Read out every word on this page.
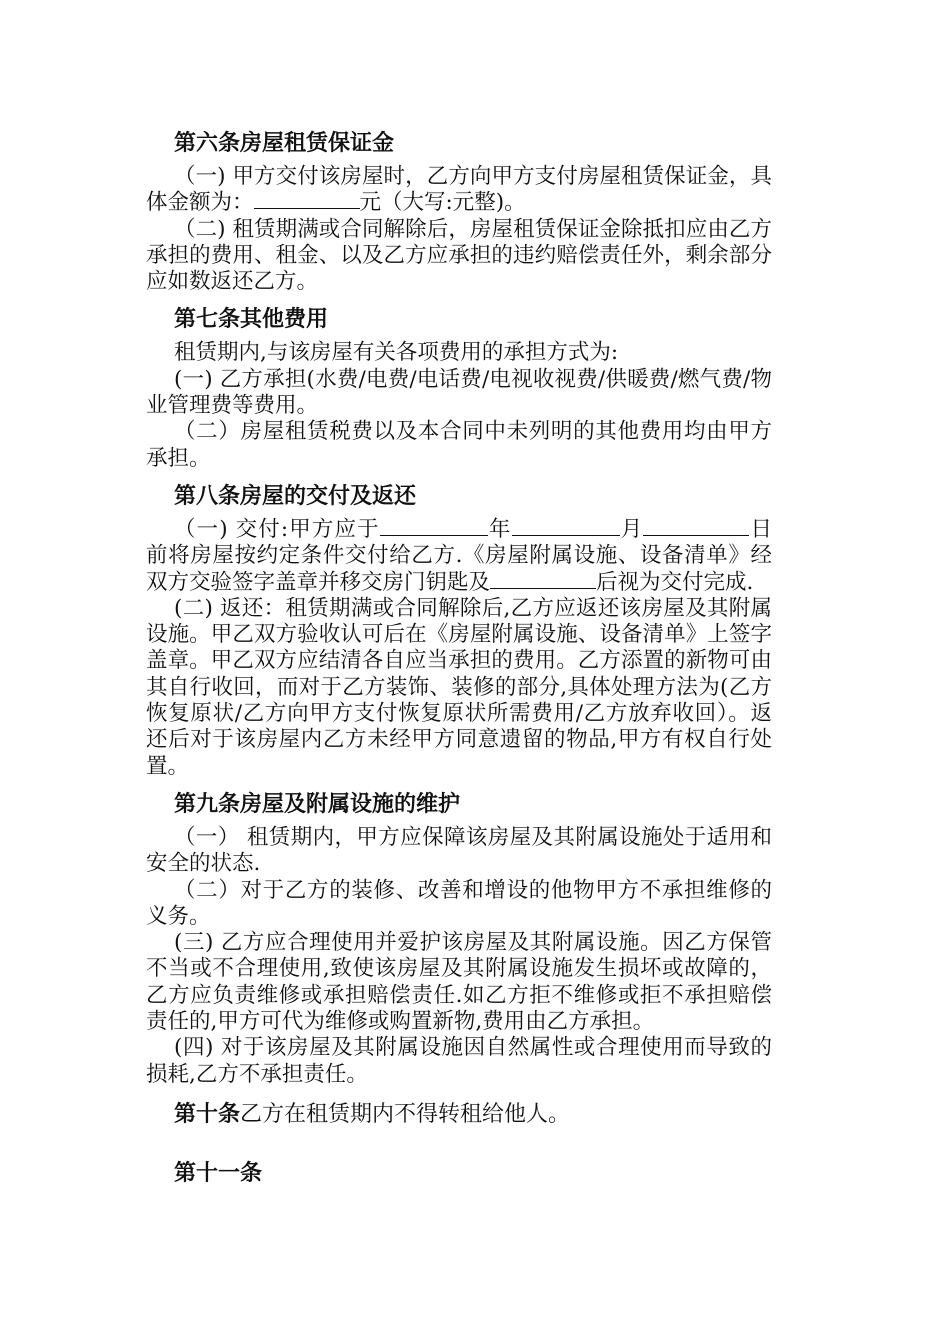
第六条房屋租赁保证金

（一) 甲方交付该房屋时，乙方向甲方支付房屋租赁保证金，具体金额为：	元（大写:元整)。

（二) 租赁期满或合同解除后，房屋租赁保证金除抵扣应由乙方承担的费用、租金、以及乙方应承担的违约赔偿责任外，剩余部分应如数返还乙方。

第七条其他费用

租赁期内,与该房屋有关各项费用的承担方式为:

(一) 乙方承担(水费/电费/电话费/电视收视费/供暖费/燃气费/物业管理费等费用。

（二）房屋租赁税费以及本合同中未列明的其他费用均由甲方承担。

第八条房屋的交付及返还

（一) 交付:甲方应于	年	月	日前将房屋按约定条件交付给乙方.《房屋附属设施、设备清单》经双方交验签字盖章并移交房门钥匙及	后视为交付完成.

(二) 返还：租赁期满或合同解除后,乙方应返还该房屋及其附属设施。甲乙双方验收认可后在《房屋附属设施、设备清单》上签字盖章。甲乙双方应结清各自应当承担的费用。乙方添置的新物可由其自行收回，而对于乙方装饰、装修的部分,具体处理方法为(乙方恢复原状/乙方向甲方支付恢复原状所需费用/乙方放弃收回）。返还后对于该房屋内乙方未经甲方同意遗留的物品,甲方有权自行处置。

第九条房屋及附属设施的维护

（一） 租赁期内，甲方应保障该房屋及其附属设施处于适用和安全的状态.

（二）对于乙方的装修、改善和增设的他物甲方不承担维修的义务。

(三) 乙方应合理使用并爱护该房屋及其附属设施。因乙方保管不当或不合理使用,致使该房屋及其附属设施发生损坏或故障的，乙方应负责维修或承担赔偿责任.如乙方拒不维修或拒不承担赔偿责任的,甲方可代为维修或购置新物,费用由乙方承担。

(四) 对于该房屋及其附属设施因自然属性或合理使用而导致的损耗,乙方不承担责任。

第十条乙方在租赁期内不得转租给他人。

第十一条
